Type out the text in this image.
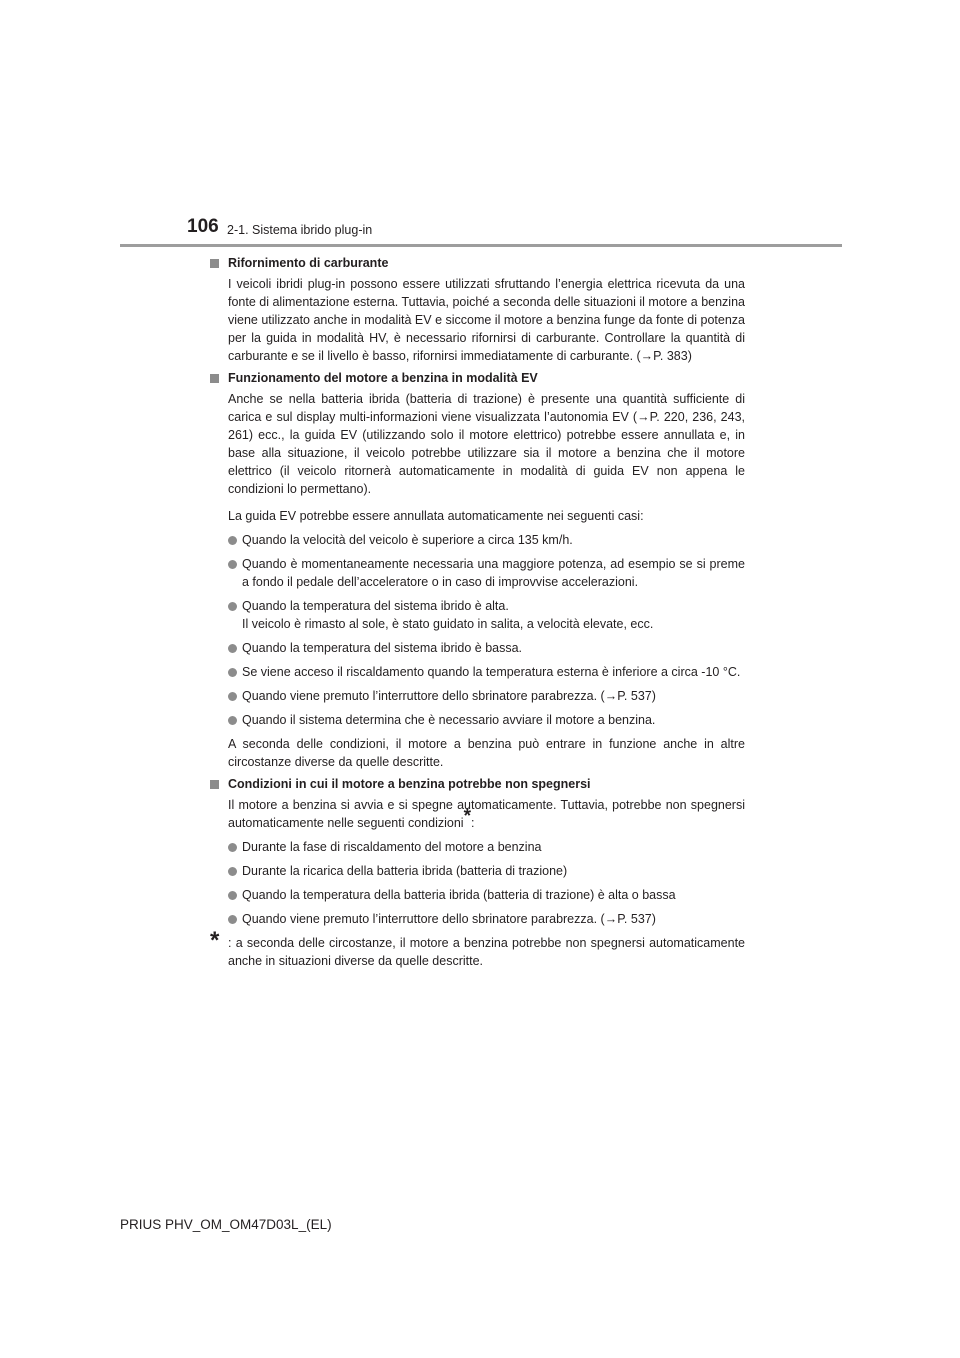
106 2-1. Sistema ibrido plug-in
Rifornimento di carburante
I veicoli ibridi plug-in possono essere utilizzati sfruttando l’energia elettrica ricevuta da una fonte di alimentazione esterna. Tuttavia, poiché a seconda delle situazioni il motore a benzina viene utilizzato anche in modalità EV e siccome il motore a benzina funge da fonte di potenza per la guida in modalità HV, è necessario rifornirsi di carburante. Controllare la quantità di carburante e se il livello è basso, rifornirsi immediatamente di carburante. (→P. 383)
Funzionamento del motore a benzina in modalità EV
Anche se nella batteria ibrida (batteria di trazione) è presente una quantità sufficiente di carica e sul display multi-informazioni viene visualizzata l’autonomia EV (→P. 220, 236, 243, 261) ecc., la guida EV (utilizzando solo il motore elettrico) potrebbe essere annullata e, in base alla situazione, il veicolo potrebbe utilizzare sia il motore a benzina che il motore elettrico (il veicolo ritornerà automaticamente in modalità di guida EV non appena le condizioni lo permettano).
La guida EV potrebbe essere annullata automaticamente nei seguenti casi:
Quando la velocità del veicolo è superiore a circa 135 km/h.
Quando è momentaneamente necessaria una maggiore potenza, ad esempio se si preme a fondo il pedale dell’acceleratore o in caso di improvvise accelerazioni.
Quando la temperatura del sistema ibrido è alta.
Il veicolo è rimasto al sole, è stato guidato in salita, a velocità elevate, ecc.
Quando la temperatura del sistema ibrido è bassa.
Se viene acceso il riscaldamento quando la temperatura esterna è inferiore a circa -10 °C.
Quando viene premuto l’interruttore dello sbrinatore parabrezza. (→P. 537)
Quando il sistema determina che è necessario avviare il motore a benzina.
A seconda delle condizioni, il motore a benzina può entrare in funzione anche in altre circostanze diverse da quelle descritte.
Condizioni in cui il motore a benzina potrebbe non spegnersi
Il motore a benzina si avvia e si spegne automaticamente. Tuttavia, potrebbe non spegnersi automaticamente nelle seguenti condizioni*:
Durante la fase di riscaldamento del motore a benzina
Durante la ricarica della batteria ibrida (batteria di trazione)
Quando la temperatura della batteria ibrida (batteria di trazione) è alta o bassa
Quando viene premuto l’interruttore dello sbrinatore parabrezza. (→P. 537)
* : a seconda delle circostanze, il motore a benzina potrebbe non spegnersi automaticamente anche in situazioni diverse da quelle descritte.
PRIUS PHV_OM_OM47D03L_(EL)
